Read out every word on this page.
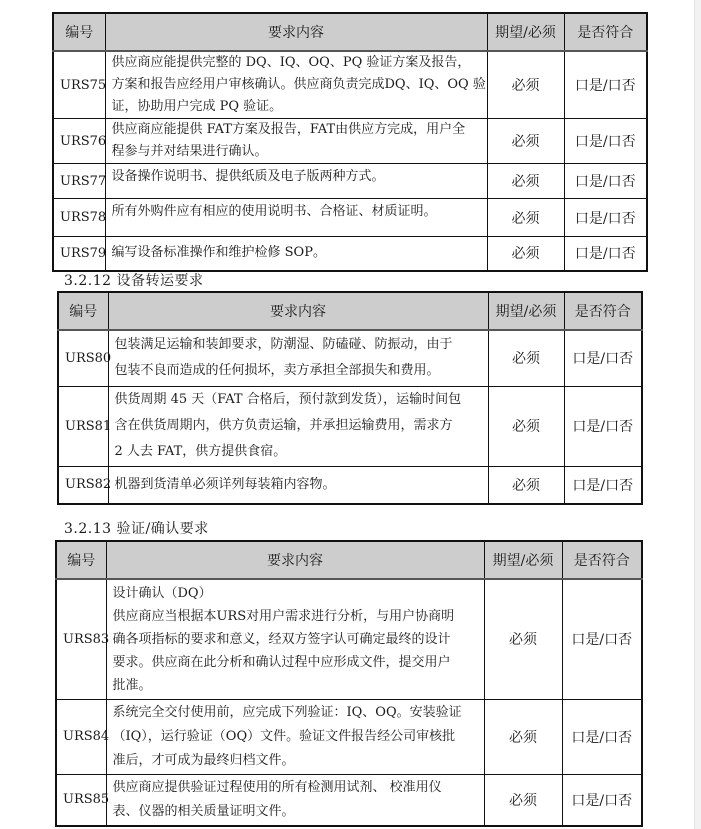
编号	要求内容	期望/必须	是否符合
URS75	供应商应能提供完整的 DQ、IQ、OQ、PQ 验证方案及报告，
方案和报告应经用户审核确认。供应商负责完成DQ、IQ、OQ 验
证，协助用户完成 PQ 验证。	必须	口是/口否
URS76	供应商应能提供 FAT方案及报告，FAT由供应方完成，用户全
程参与并对结果进行确认。	必须	口是/口否
URS77	设备操作说明书、提供纸质及电子版两种方式。	必须	口是/口否
URS78	所有外购件应有相应的使用说明书、合格证、材质证明。	必须	口是/口否
URS79	编写设备标准操作和维护检修 SOP。	必须	口是/口否
3.2.12 设备转运要求
编号	要求内容	期望/必须	是否符合
URS80	包装满足运输和装卸要求，防潮湿、防磕碰、防振动，由于
包装不良而造成的任何损坏，卖方承担全部损失和费用。	必须	口是/口否
URS81	供货周期 45 天（FAT 合格后，预付款到发货），运输时间包
含在供货周期内，供方负责运输，并承担运输费用，需求方
2 人去 FAT，供方提供食宿。	必须	口是/口否
URS82	机器到货清单必须详列每装箱内容物。	必须	口是/口否
3.2.13 验证/确认要求
编号	要求内容	期望/必须	是否符合
URS83	设计确认（DQ）
供应商应当根据本URS对用户需求进行分析，与用户协商明
确各项指标的要求和意义，经双方签字认可确定最终的设计
要求。供应商在此分析和确认过程中应形成文件，提交用户
批准。	必须	口是/口否
URS84	系统完全交付使用前，应完成下列验证：IQ、OQ。安装验证
（IQ），运行验证（OQ）文件。验证文件报告经公司审核批
准后，才可成为最终归档文件。	必须	口是/口否
URS85	供应商应提供验证过程使用的所有检测用试剂、 校准用仪
表、仪器的相关质量证明文件。	必须	口是/口否
